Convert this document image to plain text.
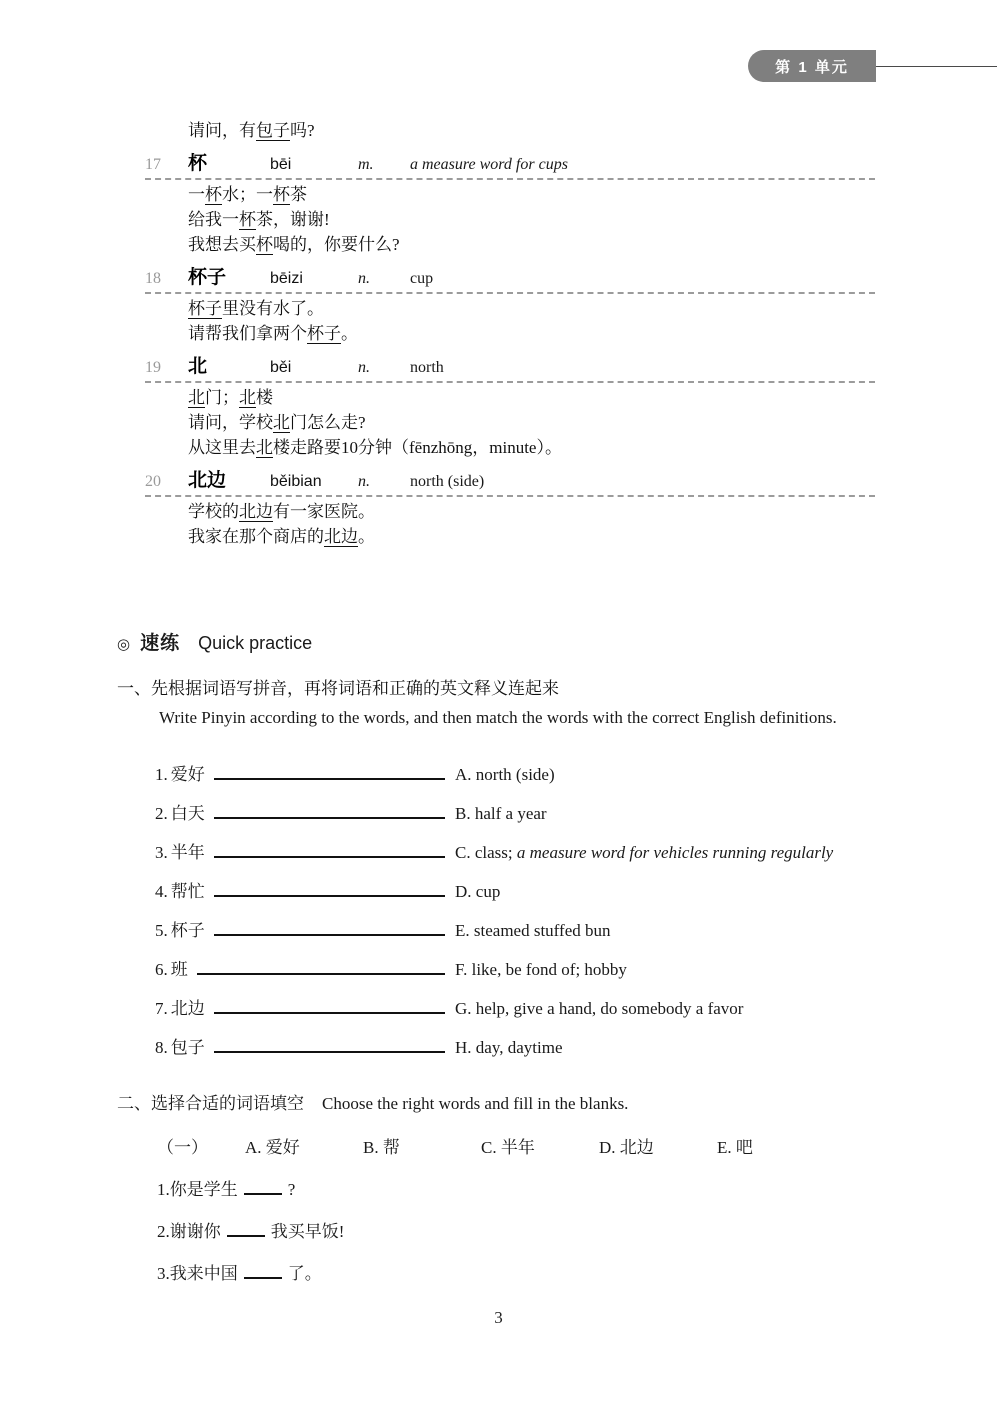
第 1 单元
请问，有包子吗?
17	杯	bēi	m.	a measure word for cups
一杯水；一杯茶
给我一杯茶，谢谢!
我想去买杯喝的，你要什么?
18	杯子	bēizi	n.	cup
杯子里没有水了。
请帮我们拿两个杯子。
19	北	běi	n.	north
北门；北楼
请问，学校北门怎么走?
从这里去北楼走路要10分钟（fēnzhōng，minute）。
20	北边	běibian	n.	north (side)
学校的北边有一家医院。
我家在那个商店的北边。
◎ 速练 Quick practice
一、先根据词语写拼音，再将词语和正确的英文释义连起来
Write Pinyin according to the words, and then match the words with the correct English definitions.
1. 爱好	A. north (side)
2. 白天	B. half a year
3. 半年	C. class; a measure word for vehicles running regularly
4. 帮忙	D. cup
5. 杯子	E. steamed stuffed bun
6. 班	F. like, be fond of; hobby
7. 北边	G. help, give a hand, do somebody a favor
8. 包子	H. day, daytime
二、选择合适的词语填空 Choose the right words and fill in the blanks.
（一）	A. 爱好	B. 帮	C. 半年	D. 北边	E. 吧
1. 你是学生	?
2. 谢谢你	我买早饭!
3. 我来中国	了。
3
